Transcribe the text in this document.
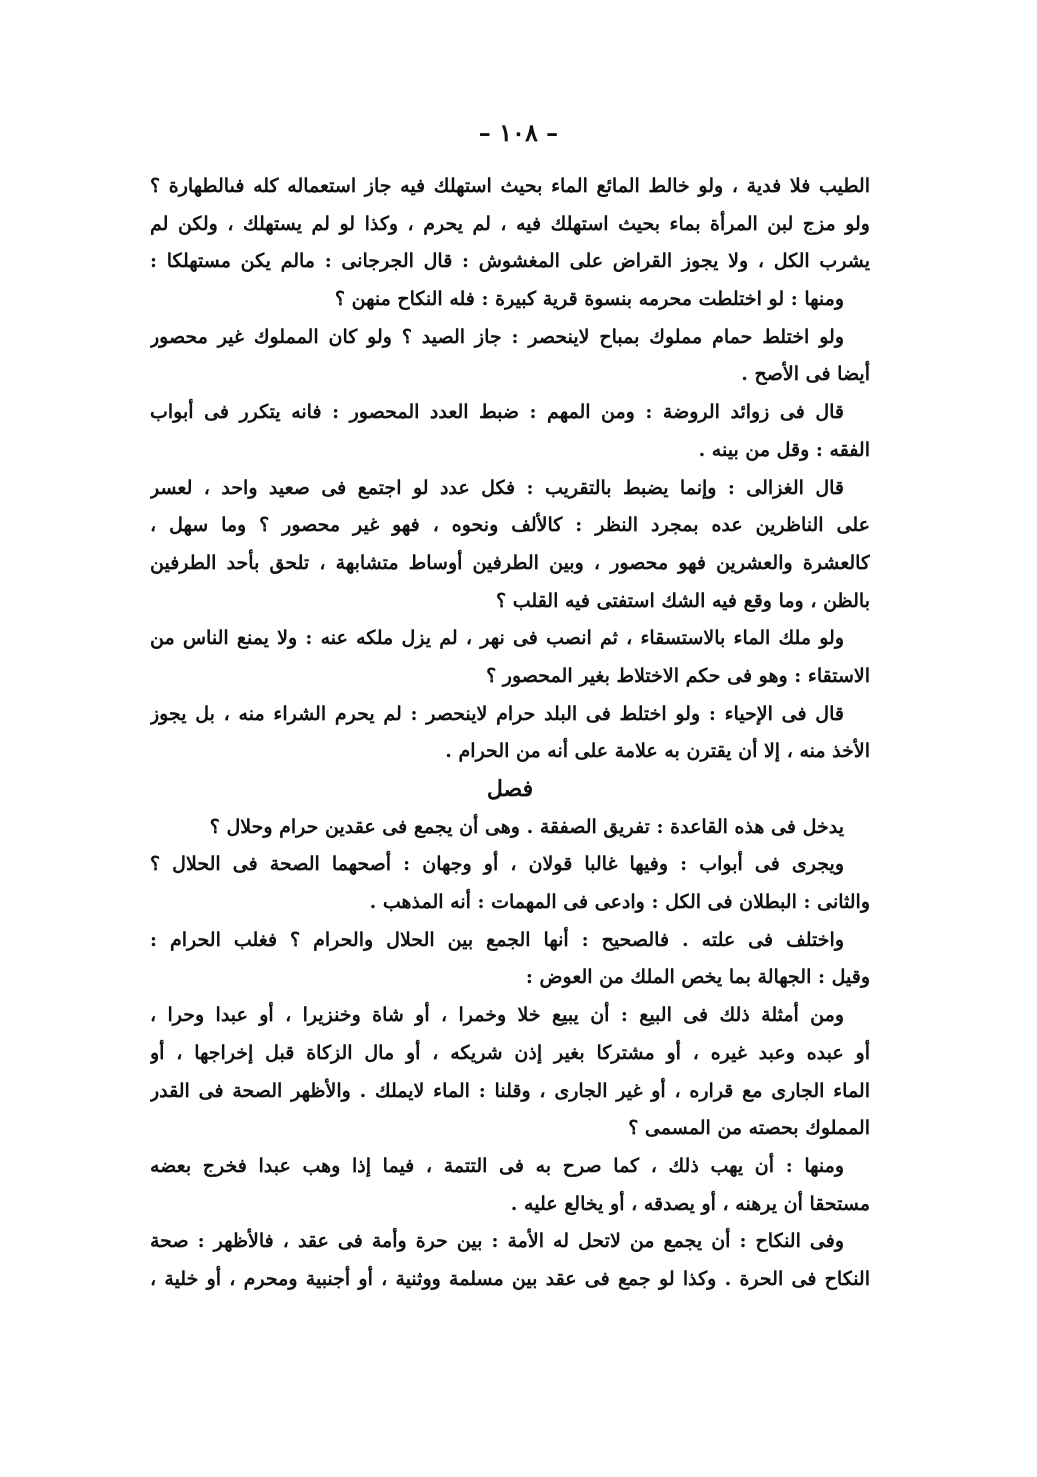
– ١٠٨ –
الطيب فلا فدية ، ولو خالط المائع الماء بحيث استهلك فيه جاز استعماله كله فىالطهارة ؟
ولو مزج لبن المرأة بماء بحيث استهلك فيه ، لم يحرم ، وكذا لو لم يستهلك ، ولكن لم
يشرب الكل ، ولا يجوز القراض على المغشوش : قال الجرجانى : مالم يكن مستهلكا :
ومنها : لو اختلطت محرمه بنسوة قرية كبيرة : فله النكاح منهن ؟
ولو اختلط حمام مملوك بمباح لاينحصر : جاز الصيد ؟ ولو كان المملوك غير محصور
أيضا فى الأصح .
قال فى زوائد الروضة : ومن المهم : ضبط العدد المحصور : فانه يتكرر فى أبواب
الفقه : وقل من بينه .
قال الغزالى : وإنما يضبط بالتقريب : فكل عدد لو اجتمع فى صعيد واحد ، لعسر
على الناظرين عده بمجرد النظر : كالألف ونحوه ، فهو غير محصور ؟ وما سهل ،
كالعشرة والعشرين فهو محصور ، وبين الطرفين أوساط متشابهة ، تلحق بأحد الطرفين
بالظن ، وما وقع فيه الشك استفتى فيه القلب ؟
ولو ملك الماء بالاستسقاء ، ثم انصب فى نهر ، لم يزل ملكه عنه : ولا يمنع الناس من
الاستقاء : وهو فى حكم الاختلاط بغير المحصور ؟
قال فى الإحياء : ولو اختلط فى البلد حرام لاينحصر : لم يحرم الشراء منه ، بل يجوز
الأخذ منه ، إلا أن يقترن به علامة على أنه من الحرام .
فصل
يدخل فى هذه القاعدة : تفريق الصفقة . وهى أن يجمع فى عقدين حرام وحلال ؟
ويجرى فى أبواب : وفيها غالبا قولان ، أو وجهان : أصحهما الصحة فى الحلال ؟
والثانى : البطلان فى الكل : وادعى فى المهمات : أنه المذهب .
واختلف فى علته . فالصحيح : أنها الجمع بين الحلال والحرام ؟ فغلب الحرام :
وقيل : الجهالة بما يخص الملك من العوض :
ومن أمثلة ذلك فى البيع : أن يبيع خلا وخمرا ، أو شاة وخنزيرا ، أو عبدا وحرا ،
أو عبده وعبد غيره ، أو مشتركا بغير إذن شريكه ، أو مال الزكاة قبل إخراجها ، أو
الماء الجارى مع قراره ، أو غير الجارى ، وقلنا : الماء لايملك . والأظهر الصحة فى القدر
المملوك بحصته من المسمى ؟
ومنها : أن يهب ذلك ، كما صرح به فى التتمة ، فيما إذا وهب عبدا فخرج بعضه
مستحقا أن يرهنه ، أو يصدقه ، أو يخالع عليه .
وفى النكاح : أن يجمع من لاتحل له الأمة : بين حرة وأمة فى عقد ، فالأظهر : صحة
النكاح فى الحرة . وكذا لو جمع فى عقد بين مسلمة ووثنية ، أو أجنبية ومحرم ، أو خلية ،
